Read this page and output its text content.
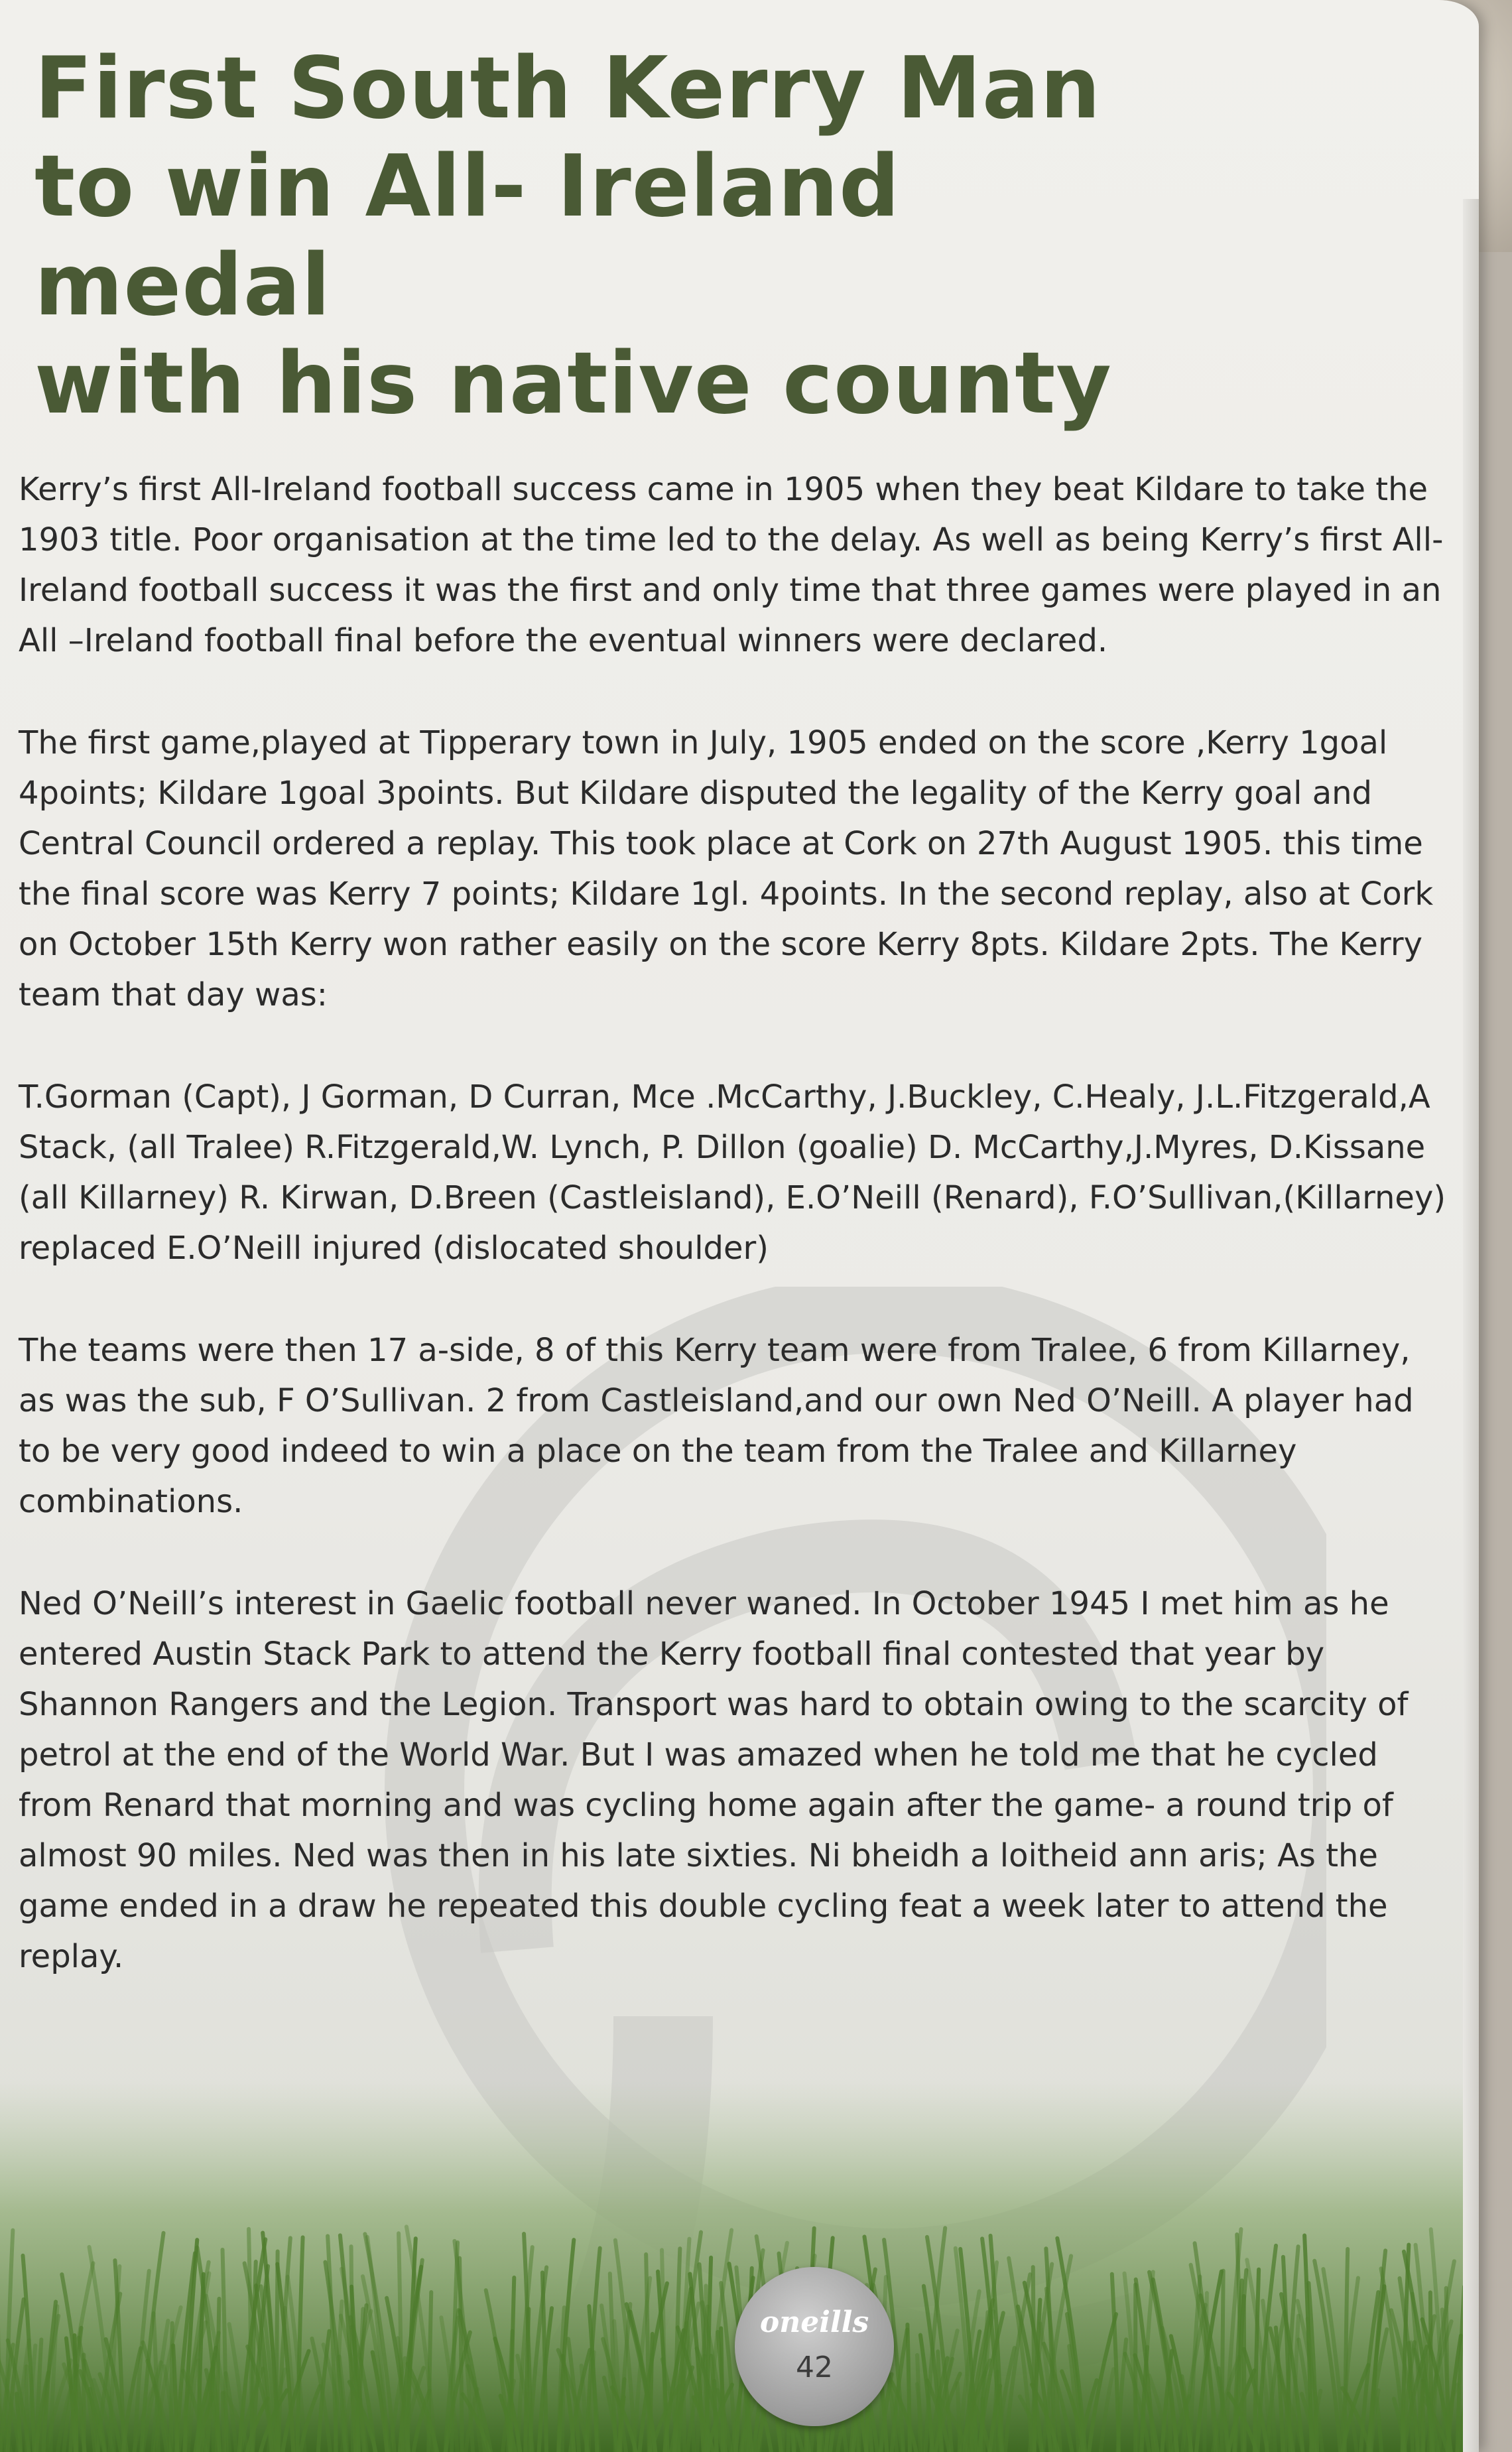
First South Kerry Man
to win All- Ireland medal
with his native county

Kerry’s first All-Ireland football success came in 1905 when they beat Kildare to take the 1903 title. Poor organisation at the time led to the delay. As well as being Kerry’s first All-Ireland football success it was the first and only time that three games were played in an All –Ireland football final before the eventual winners were declared.

The first game,played at Tipperary town in July, 1905 ended on the score ,Kerry 1goal 4points; Kildare 1goal 3points. But Kildare disputed the legality of the Kerry goal and Central Council ordered a replay. This took place at Cork on 27th August 1905. this time the final score was Kerry 7 points; Kildare 1gl. 4points. In the second replay, also at Cork on October 15th Kerry won rather easily on the score Kerry 8pts. Kildare 2pts. The Kerry team that day was:

T.Gorman (Capt), J Gorman, D Curran, Mce .McCarthy, J.Buckley, C.Healy, J.L.Fitzgerald,A Stack, (all Tralee) R.Fitzgerald,W. Lynch, P. Dillon (goalie) D. McCarthy,J.Myres, D.Kissane (all Killarney) R. Kirwan, D.Breen (Castleisland), E.O’Neill (Renard), F.O’Sullivan,(Killarney) replaced E.O’Neill injured (dislocated shoulder)

The teams were then 17 a-side, 8 of this Kerry team were from Tralee, 6 from Killarney, as was the sub, F O’Sullivan. 2 from Castleisland,and our own Ned O’Neill. A player had to be very good indeed to win a place on the team from the Tralee and Killarney combinations.

Ned O’Neill’s interest in Gaelic football never waned. In October 1945 I met him as he entered Austin Stack Park to attend the Kerry football final contested that year by Shannon Rangers and the Legion. Transport was hard to obtain owing to the scarcity of petrol at the end of the World War. But I was amazed when he told me that he cycled from Renard that morning and was cycling home again after the game- a round trip of almost 90 miles. Ned was then in his late sixties. Ni bheidh a loitheid ann aris; As the game ended in a draw he repeated this double cycling feat a week later to attend the replay.

oneills
42
